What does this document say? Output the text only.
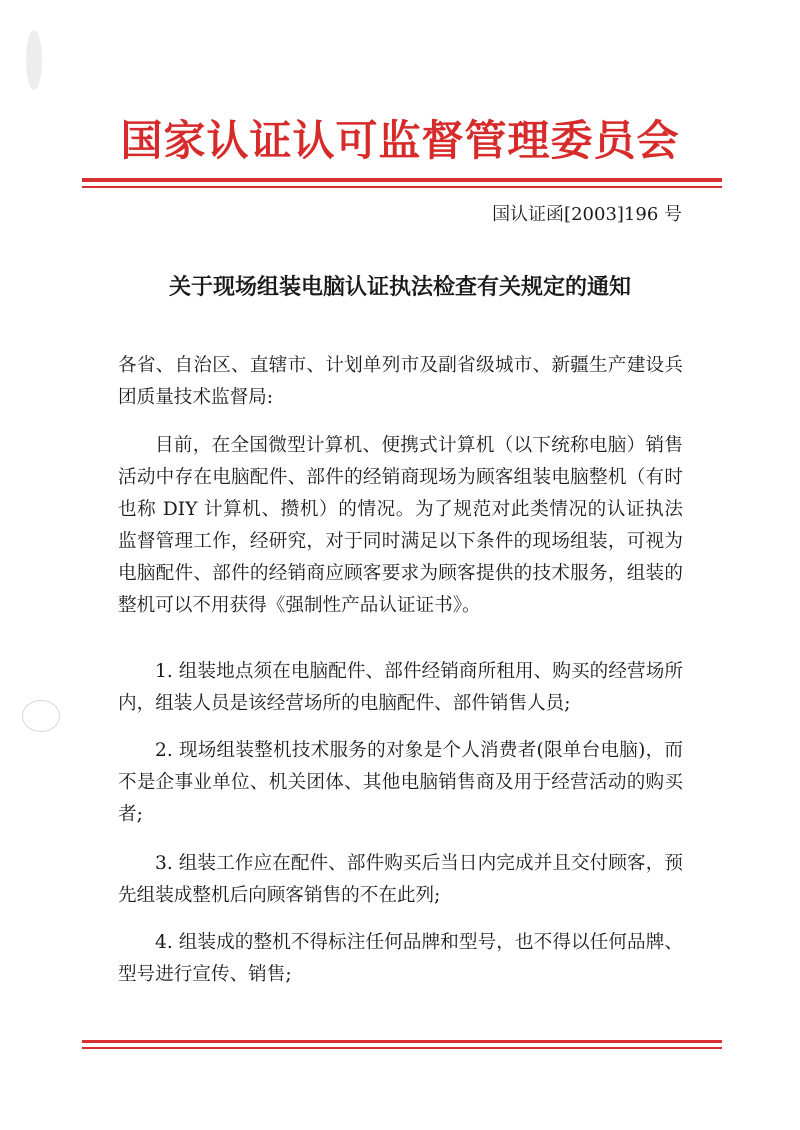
国家认证认可监督管理委员会
国认证函[2003]196 号
关于现场组装电脑认证执法检查有关规定的通知

各省、自治区、直辖市、计划单列市及副省级城市、新疆生产建设兵团质量技术监督局:

目前，在全国微型计算机、便携式计算机（以下统称电脑）销售活动中存在电脑配件、部件的经销商现场为顾客组装电脑整机（有时也称 DIY 计算机、攒机）的情况。为了规范对此类情况的认证执法监督管理工作，经研究，对于同时满足以下条件的现场组装，可视为电脑配件、部件的经销商应顾客要求为顾客提供的技术服务，组装的整机可以不用获得《强制性产品认证证书》。

1. 组装地点须在电脑配件、部件经销商所租用、购买的经营场所内，组装人员是该经营场所的电脑配件、部件销售人员;

2. 现场组装整机技术服务的对象是个人消费者(限单台电脑)，而不是企事业单位、机关团体、其他电脑销售商及用于经营活动的购买者;

3. 组装工作应在配件、部件购买后当日内完成并且交付顾客，预先组装成整机后向顾客销售的不在此列;

4. 组装成的整机不得标注任何品牌和型号，也不得以任何品牌、型号进行宣传、销售;
